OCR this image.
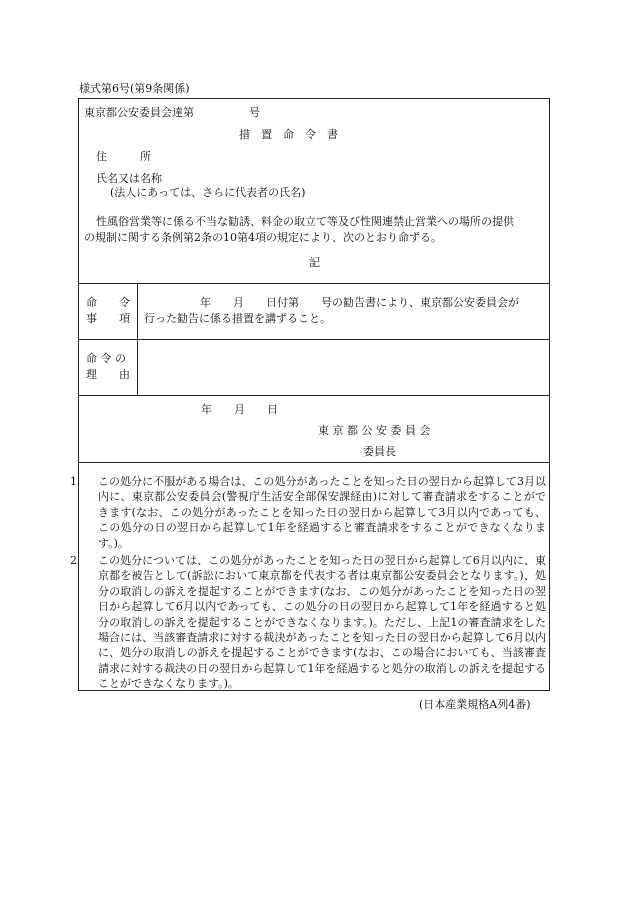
様式第6号(第9条関係)
東京都公安委員会達第　　　　　号
措　置　命　令　書
住　　　所
氏名又は名称
(法人にあっては、さらに代表者の氏名)
性風俗営業等に係る不当な勧誘、料金の取立て等及び性関連禁止営業への場所の提供
の規制に関する条例第2条の10第4項の規定により、次のとおり命ずる。
記
命　　令
事　　項
　　年　　月　　日付第　　号の勧告書により、東京都公安委員会が
行った勧告に係る措置を講ずること。
命 令 の
理　　由
年　　月　　日
東 京 都 公 安 委 員 会
委員長

1 この処分に不服がある場合は、この処分があったことを知った日の翌日から起算して3月以内に、東京都公安委員会(警視庁生活安全部保安課経由)に対して審査請求をすることができます(なお、この処分があったことを知った日の翌日から起算して3月以内であっても、この処分の日の翌日から起算して1年を経過すると審査請求をすることができなくなります。)。

2 この処分については、この処分があったことを知った日の翌日から起算して6月以内に、東京都を被告として(訴訟において東京都を代表する者は東京都公安委員会となります。)、処分の取消しの訴えを提起することができます(なお、この処分があったことを知った日の翌日から起算して6月以内であっても、この処分の日の翌日から起算して1年を経過すると処分の取消しの訴えを提起することができなくなります。)。ただし、上記1の審査請求をした場合には、当該審査請求に対する裁決があったことを知った日の翌日から起算して6月以内に、処分の取消しの訴えを提起することができます(なお、この場合においても、当該審査請求に対する裁決の日の翌日から起算して1年を経過すると処分の取消しの訴えを提起することができなくなります。)。

(日本産業規格A列4番)
